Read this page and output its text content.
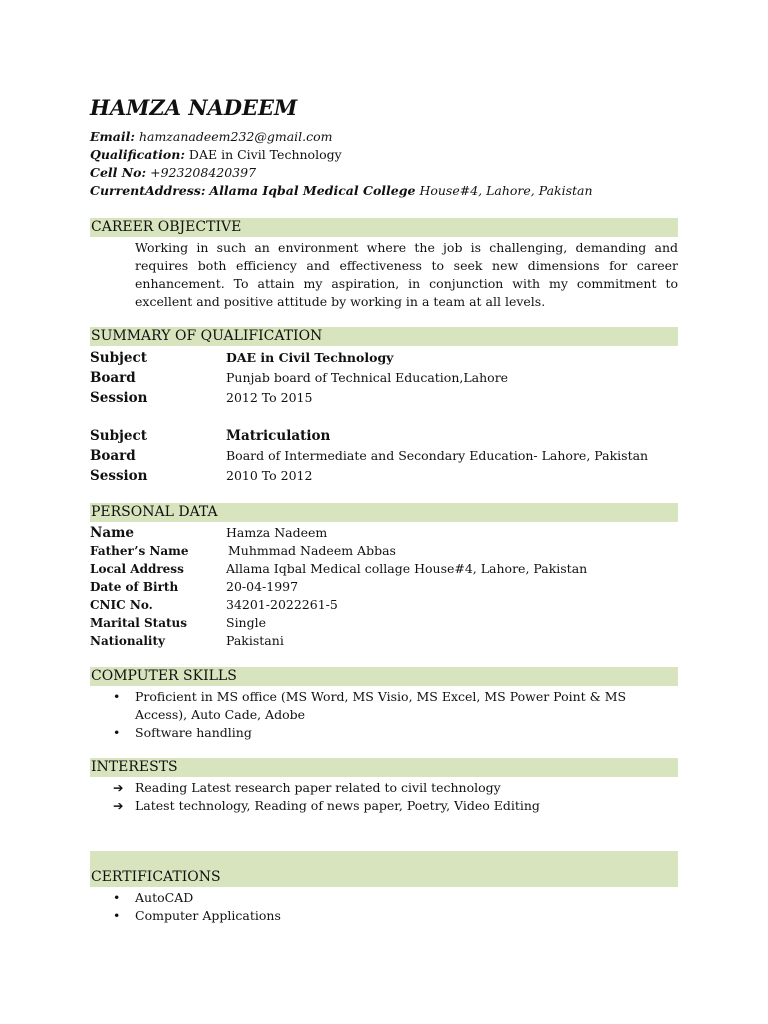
HAMZA NADEEM
Email: hamzanadeem232@gmail.com
Qualification: DAE in Civil Technology
Cell No: +923208420397
CurrentAddress: Allama Iqbal Medical College House#4, Lahore, Pakistan
CAREER OBJECTIVE
Working in such an environment where the job is challenging, demanding and requires both efficiency and effectiveness to seek new dimensions for career enhancement. To attain my aspiration, in conjunction with my commitment to excellent and positive attitude by working in a team at all levels.
SUMMARY OF QUALIFICATION
Subject	DAE in Civil Technology
Board	Punjab board of Technical Education,Lahore
Session	2012 To 2015

Subject	Matriculation
Board	Board of Intermediate and Secondary Education- Lahore, Pakistan
Session	2010 To 2012
PERSONAL DATA
Name	Hamza Nadeem
Father’s Name	Muhmmad Nadeem Abbas
Local Address	Allama Iqbal Medical collage House#4, Lahore, Pakistan
Date of Birth	20-04-1997
CNIC No.	34201-2022261-5
Marital Status	Single
Nationality	Pakistani
COMPUTER SKILLS
• Proficient in MS office (MS Word, MS Visio, MS Excel, MS Power Point & MS Access), Auto Cade, Adobe
• Software handling
INTERESTS
➔ Reading Latest research paper related to civil technology
➔ Latest technology, Reading of news paper, Poetry, Video Editing
CERTIFICATIONS
• AutoCAD
• Computer Applications
